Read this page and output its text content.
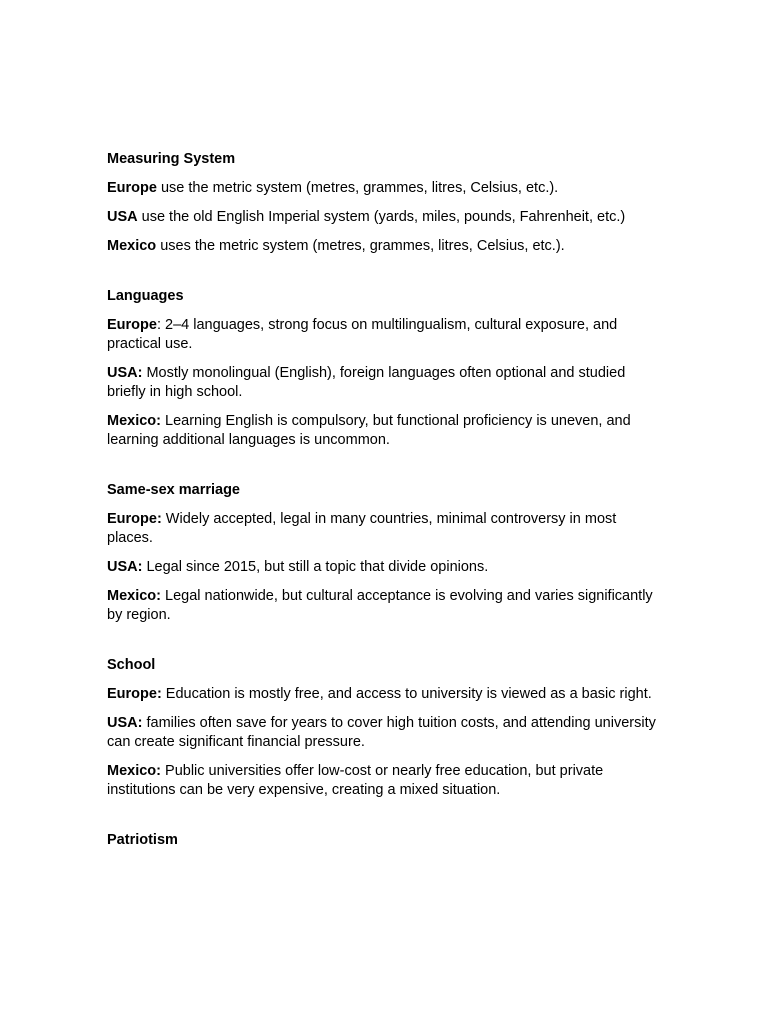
Measuring System
Europe use the metric system (metres, grammes, litres, Celsius, etc.).
USA use the old English Imperial system (yards, miles, pounds, Fahrenheit, etc.)
Mexico uses the metric system (metres, grammes, litres, Celsius, etc.).
Languages
Europe: 2–4 languages, strong focus on multilingualism, cultural exposure, and practical use.
USA: Mostly monolingual (English), foreign languages often optional and studied briefly in high school.
Mexico: Learning English is compulsory, but functional proficiency is uneven, and learning additional languages is uncommon.
Same-sex marriage
Europe: Widely accepted, legal in many countries, minimal controversy in most places.
USA: Legal since 2015, but still a topic that divide opinions.
Mexico: Legal nationwide, but cultural acceptance is evolving and varies significantly by region.
School
Europe: Education is mostly free, and access to university is viewed as a basic right.
USA: families often save for years to cover high tuition costs, and attending university can create significant financial pressure.
Mexico: Public universities offer low-cost or nearly free education, but private institutions can be very expensive, creating a mixed situation.
Patriotism
